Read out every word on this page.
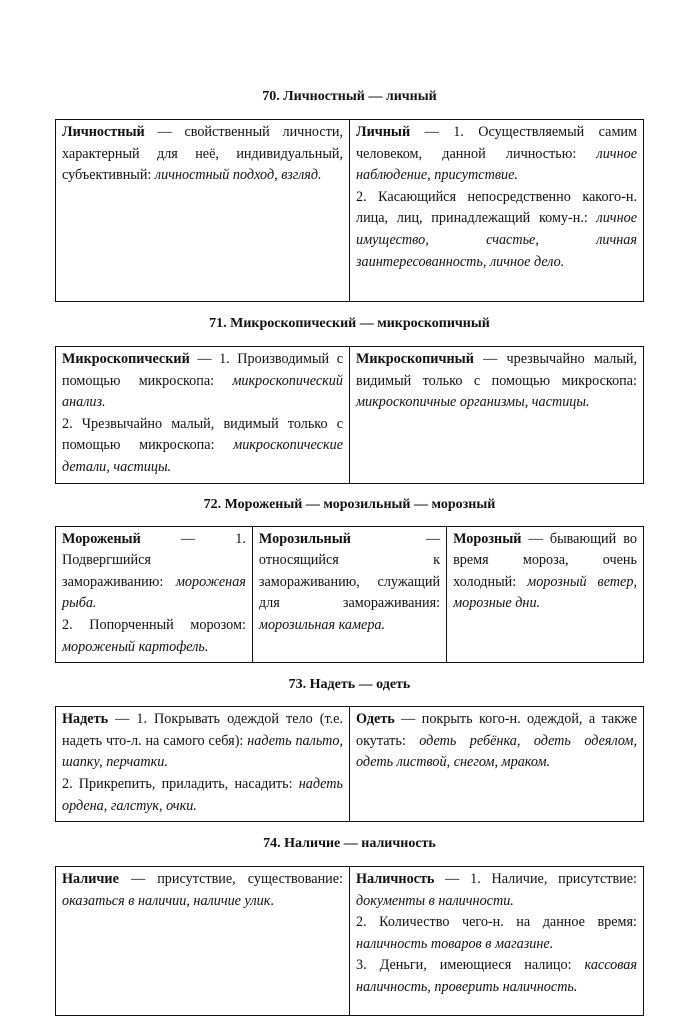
70. Личностный — личный
Личностный — свойственный личности, характерный для неё, индивидуальный, субъективный: личностный подход, взгляд.

Личный — 1. Осуществляемый самим человеком, данной личностью: личное наблюдение, присутствие.
2. Касающийся непосредственно какого-н. лица, лиц, принадлежащий кому-н.: личное имущество, счастье, личная заинтересованность, личное дело.
71. Микроскопический — микроскопичный
Микроскопический — 1. Производимый с помощью микроскопа: микроскопический анализ.
2. Чрезвычайно малый, видимый только с помощью микроскопа: микроскопические детали, частицы.

Микроскопичный — чрезвычайно малый, видимый только с помощью микроскопа: микроскопичные организмы, частицы.
72. Мороженый — морозильный — морозный
Мороженый — 1. Подвергшийся замораживанию: мороженая рыба.
2. Попорченный морозом: мороженый картофель.

Морозильный — относящийся к замораживанию, служащий для замораживания: морозильная камера.

Морозный — бывающий во время мороза, очень холодный: морозный ветер, морозные дни.
73. Надеть — одеть
Надеть — 1. Покрывать одеждой тело (т.е. надеть что-л. на самого себя): надеть пальто, шапку, перчатки.
2. Прикрепить, приладить, насадить: надеть ордена, галстук, очки.

Одеть — покрыть кого-н. одеждой, а также окутать: одеть ребёнка, одеть одеялом, одеть листвой, снегом, мраком.
74. Наличие — наличность
Наличие — присутствие, существование: оказаться в наличии, наличие улик.

Наличность — 1. Наличие, присутствие: документы в наличности.
2. Количество чего-н. на данное время: наличность товаров в магазине.
3. Деньги, имеющиеся налицо: кассовая наличность, проверить наличность.
